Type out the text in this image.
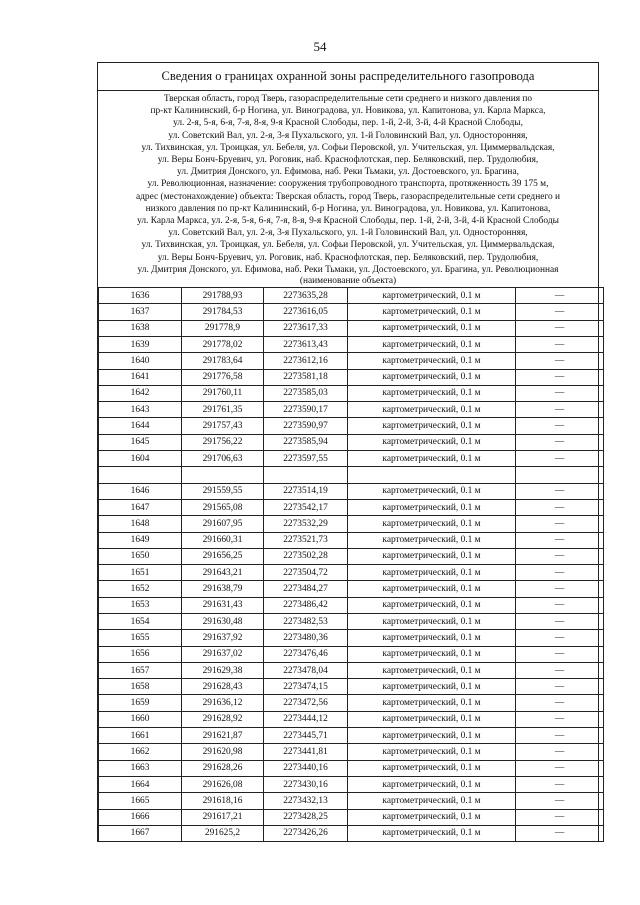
54
Сведения о границах охранной зоны распределительного газопровода
Тверская область, город Тверь, газораспределительные сети среднего и низкого давления по
пр-кт Калининский, б-р Ногина, ул. Виноградова, ул. Новикова, ул. Капитонова, ул. Карла Маркса,
ул. 2-я, 5-я, 6-я, 7-я, 8-я, 9-я Красной Слободы, пер. 1-й, 2-й, 3-й, 4-й Красной Слободы,
ул. Советский Вал, ул. 2-я, 3-я Пухальского, ул. 1-й Головинский Вал, ул. Односторонняя,
ул. Тихвинская, ул. Троицкая, ул. Бебеля, ул. Софьи Перовской, ул. Учительская, ул. Циммервальдская,
ул. Веры Бонч-Бруевич, ул. Роговик, наб. Краснофлотская, пер. Беляковский, пер. Трудолюбия,
ул. Дмитрия Донского, ул. Ефимова, наб. Реки Тьмаки, ул. Достоевского, ул. Брагина,
ул. Революционная, назначение: сооружения трубопроводного транспорта, протяженность 39 175 м,
адрес (местонахождение) объекта: Тверская область, город Тверь, газораспределительные сети среднего и
низкого давления по пр-кт Калининский, б-р Ногина, ул. Виноградова, ул. Новикова, ул. Капитонова,
ул. Карла Маркса, ул. 2-я, 5-я, 6-я, 7-я, 8-я, 9-я Красной Слободы, пер. 1-й, 2-й, 3-й, 4-й Красной Слободы
ул. Советский Вал, ул. 2-я, 3-я Пухальского, ул. 1-й Головинский Вал, ул. Односторонняя,
ул. Тихвинская, ул. Троицкая, ул. Бебеля, ул. Софьи Перовской, ул. Учительская, ул. Циммервальдская,
ул. Веры Бонч-Бруевич, ул. Роговик, наб. Краснофлотская, пер. Беляковский, пер. Трудолюбия,
ул. Дмитрия Донского, ул. Ефимова, наб. Реки Тьмаки, ул. Достоевского, ул. Брагина, ул. Революционная
(наименование объекта)
1636	291788,93	2273635,28	картометрический, 0.1 м	—
1637	291784,53	2273616,05	картометрический, 0.1 м	—
1638	291778,9	2273617,33	картометрический, 0.1 м	—
1639	291778,02	2273613,43	картометрический, 0.1 м	—
1640	291783,64	2273612,16	картометрический, 0.1 м	—
1641	291776,58	2273581,18	картометрический, 0.1 м	—
1642	291760,11	2273585,03	картометрический, 0.1 м	—
1643	291761,35	2273590,17	картометрический, 0.1 м	—
1644	291757,43	2273590,97	картометрический, 0.1 м	—
1645	291756,22	2273585,94	картометрический, 0.1 м	—
1604	291706,63	2273597,55	картометрический, 0.1 м	—

1646	291559,55	2273514,19	картометрический, 0.1 м	—
1647	291565,08	2273542,17	картометрический, 0.1 м	—
1648	291607,95	2273532,29	картометрический, 0.1 м	—
1649	291660,31	2273521,73	картометрический, 0.1 м	—
1650	291656,25	2273502,28	картометрический, 0.1 м	—
1651	291643,21	2273504,72	картометрический, 0.1 м	—
1652	291638,79	2273484,27	картометрический, 0.1 м	—
1653	291631,43	2273486,42	картометрический, 0.1 м	—
1654	291630,48	2273482,53	картометрический, 0.1 м	—
1655	291637,92	2273480,36	картометрический, 0.1 м	—
1656	291637,02	2273476,46	картометрический, 0.1 м	—
1657	291629,38	2273478,04	картометрический, 0.1 м	—
1658	291628,43	2273474,15	картометрический, 0.1 м	—
1659	291636,12	2273472,56	картометрический, 0.1 м	—
1660	291628,92	2273444,12	картометрический, 0.1 м	—
1661	291621,87	2273445,71	картометрический, 0.1 м	—
1662	291620,98	2273441,81	картометрический, 0.1 м	—
1663	291628,26	2273440,16	картометрический, 0.1 м	—
1664	291626,08	2273430,16	картометрический, 0.1 м	—
1665	291618,16	2273432,13	картометрический, 0.1 м	—
1666	291617,21	2273428,25	картометрический, 0.1 м	—
1667	291625,2	2273426,26	картометрический, 0.1 м	—
